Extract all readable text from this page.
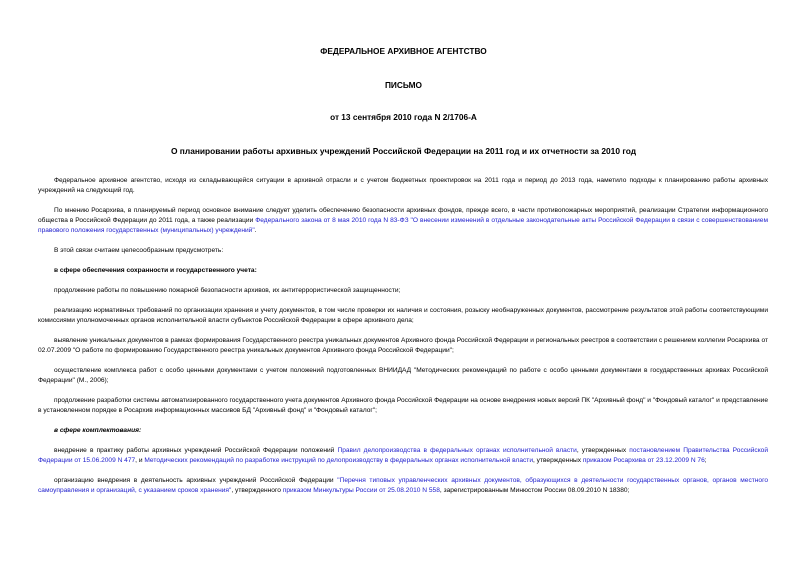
ФЕДЕРАЛЬНОЕ АРХИВНОЕ АГЕНТСТВО
ПИСЬМО
от 13 сентября 2010 года N 2/1706-А
О планировании работы архивных учреждений Российской Федерации на 2011 год и их отчетности за 2010 год

Федеральное архивное агентство, исходя из складывающейся ситуации в архивной отрасли и с учетом бюджетных проектировок на 2011 года и период до 2013 года, наметило подходы к планированию работы архивных учреждений на следующий год.

По мнению Росархива, в планируемый период основное внимание следует уделить обеспечению безопасности архивных фондов, прежде всего, в части противопожарных мероприятий, реализации Стратегии информационного общества в Российской Федерации до 2011 года, а также реализации Федерального закона от 8 мая 2010 года N 83-ФЗ "О внесении изменений в отдельные законодательные акты Российской Федерации в связи с совершенствованием правового положения государственных (муниципальных) учреждений".

В этой связи считаем целесообразным предусмотреть:

в сфере обеспечения сохранности и государственного учета:

продолжение работы по повышению пожарной безопасности архивов, их антитеррористической защищенности;

реализацию нормативных требований по организации хранения и учету документов, в том числе проверки их наличия и состояния, розыску необнаруженных документов, рассмотрение результатов этой работы соответствующими комиссиями уполномоченных органов исполнительной власти субъектов Российской Федерации в сфере архивного дела;

выявление уникальных документов в рамках формирования Государственного реестра уникальных документов Архивного фонда Российской Федерации и региональных реестров в соответствии с решением коллегии Росархива от 02.07.2009 "О работе по формированию Государственного реестра уникальных документов Архивного фонда Российской Федерации";

осуществление комплекса работ с особо ценными документами с учетом положений подготовленных ВНИИДАД "Методических рекомендаций по работе с особо ценными документами в государственных архивах Российской Федерации" (М., 2006);

продолжение разработки системы автоматизированного государственного учета документов Архивного фонда Российской Федерации на основе внедрения новых версий ПК "Архивный фонд" и "Фондовый каталог" и представление в установленном порядке в Росархив информационных массивов БД "Архивный фонд" и "Фондовый каталог";

в сфере комплектования:

внедрение в практику работы архивных учреждений Российской Федерации положений Правил делопроизводства в федеральных органах исполнительной власти, утвержденных постановлением Правительства Российской Федерации от 15.06.2009 N 477, и Методических рекомендаций по разработке инструкций по делопроизводству в федеральных органах исполнительной власти, утвержденных приказом Росархива от 23.12.2009 N 76;

организацию внедрения в деятельность архивных учреждений Российской Федерации "Перечня типовых управленческих архивных документов, образующихся в деятельности государственных органов, органов местного самоуправления и организаций, с указанием сроков хранения", утвержденного приказом Минкультуры России от 25.08.2010 N 558, зарегистрированным Минюстом России 08.09.2010 N 18380;
